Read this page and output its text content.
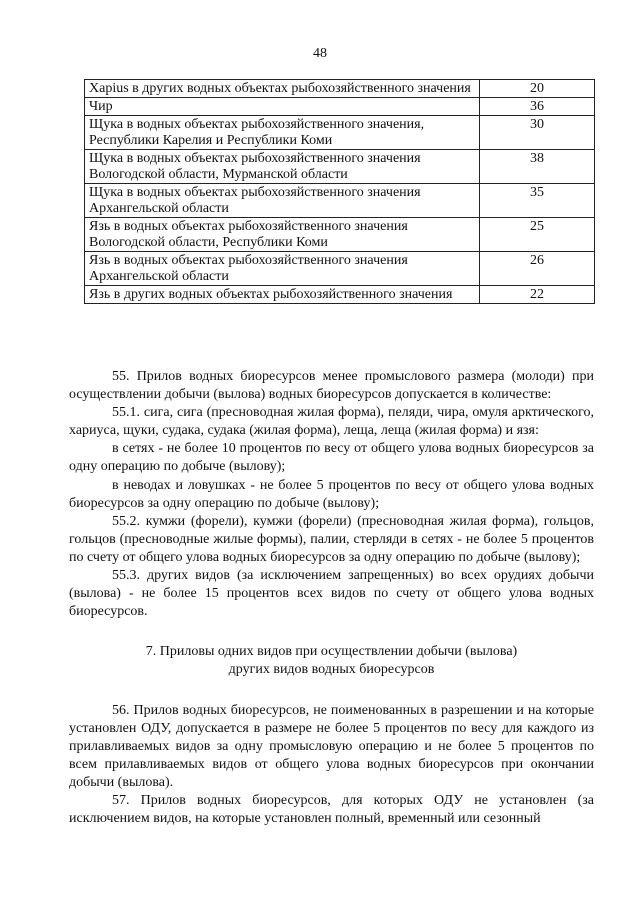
48
Харius в других водных объектах рыбохозяйственного значения	20
Чир	36
Щука в водных объектах рыбохозяйственного значения, Республики Карелия и Республики Коми	30
Щука в водных объектах рыбохозяйственного значения Вологодской области, Мурманской области	38
Щука в водных объектах рыбохозяйственного значения Архангельской области	35
Язь в водных объектах рыбохозяйственного значения Вологодской области, Республики Коми	25
Язь в водных объектах рыбохозяйственного значения Архангельской области	26
Язь в других водных объектах рыбохозяйственного значения	22

55. Прилов водных биоресурсов менее промыслового размера (молоди) при осуществлении добычи (вылова) водных биоресурсов допускается в количестве:

55.1. сига, сига (пресноводная жилая форма), пеляди, чира, омуля арктического, хариуса, щуки, судака, судака (жилая форма), леща, леща (жилая форма) и язя:

в сетях - не более 10 процентов по весу от общего улова водных биоресурсов за одну операцию по добыче (вылову);

в неводах и ловушках - не более 5 процентов по весу от общего улова водных биоресурсов за одну операцию по добыче (вылову);

55.2. кумжи (форели), кумжи (форели) (пресноводная жилая форма), гольцов, гольцов (пресноводные жилые формы), палии, стерляди в сетях - не более 5 процентов по счету от общего улова водных биоресурсов за одну операцию по добыче (вылову);

55.3. других видов (за исключением запрещенных) во всех орудиях добычи (вылова) - не более 15 процентов всех видов по счету от общего улова водных биоресурсов.

7. Приловы одних видов при осуществлении добычи (вылова)
других видов водных биоресурсов

56. Прилов водных биоресурсов, не поименованных в разрешении и на которые установлен ОДУ, допускается в размере не более 5 процентов по весу для каждого из прилавливаемых видов за одну промысловую операцию и не более 5 процентов по всем прилавливаемых видов от общего улова водных биоресурсов при окончании добычи (вылова).

57. Прилов водных биоресурсов, для которых ОДУ не установлен (за исключением видов, на которые установлен полный, временный или сезонный
